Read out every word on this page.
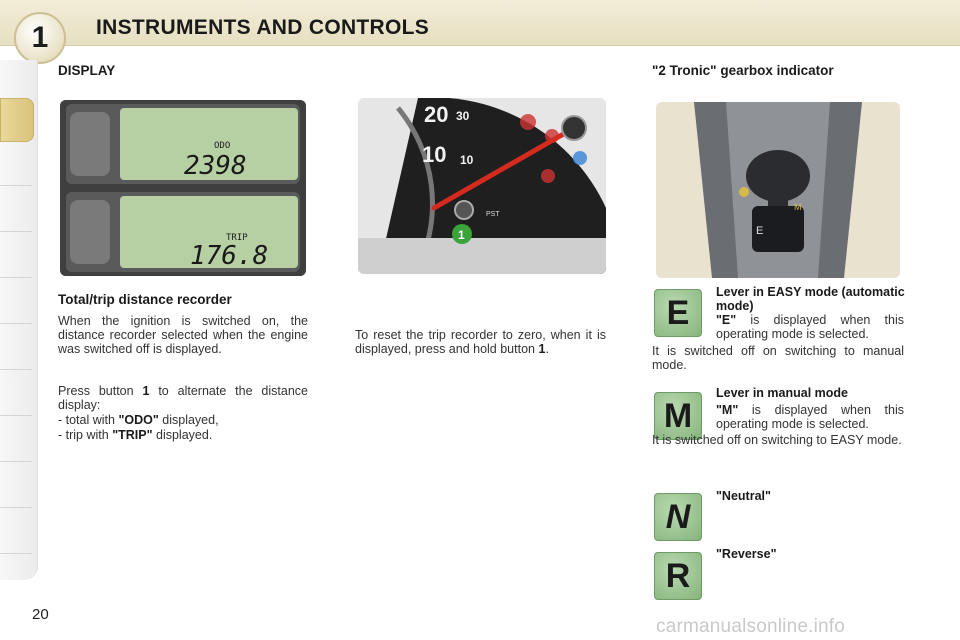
1	INSTRUMENTS AND CONTROLS
DISPLAY	"2 Tronic" gearbox indicator
ODO
2398
TRIP
176.8
20 30
10 10
PST
1	E
M
Total/trip distance recorder
When the ignition is switched on, the distance recorder selected when the engine was switched off is displayed.
Press button 1 to alternate the distance display:
- total with "ODO" displayed,
- trip with "TRIP" displayed.
To reset the trip recorder to zero, when it is displayed, press and hold button 1.
E
Lever in EASY mode (automatic mode)
"E" is displayed when this operating mode is selected.
It is switched off on switching to manual mode.
M
Lever in manual mode
"M" is displayed when this operating mode is selected.
It is switched off on switching to EASY mode.
N
"Neutral"
R
"Reverse"
20
carmanualsonline.info
